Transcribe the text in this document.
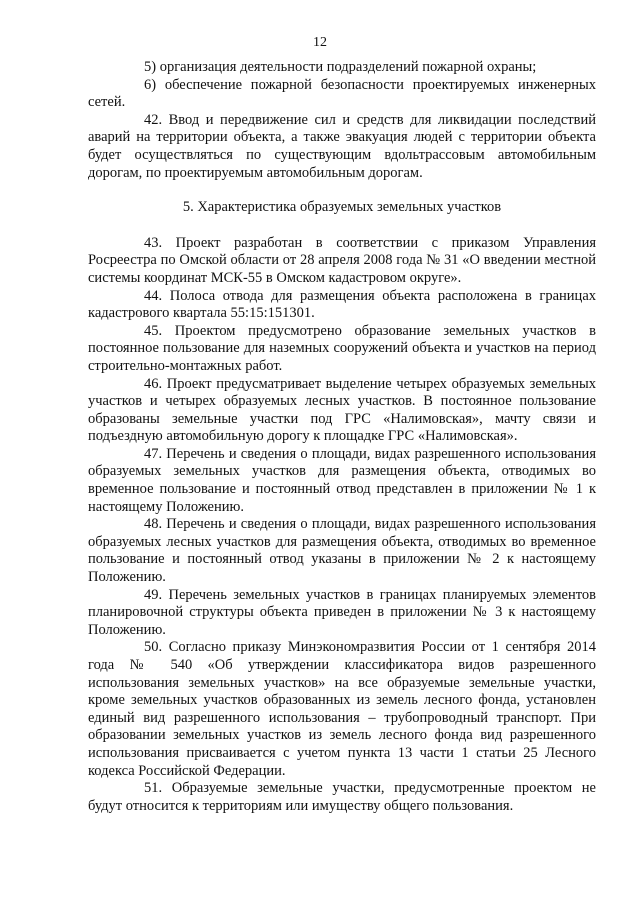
12

5) организация деятельности подразделений пожарной охраны;

6) обеспечение пожарной безопасности проектируемых инженерных сетей.

42. Ввод и передвижение сил и средств для ликвидации последствий аварий на территории объекта, а также эвакуация людей с территории объекта будет осуществляться по существующим вдольтрассовым автомобильным дорогам, по проектируемым автомобильным дорогам.

5. Характеристика образуемых земельных участков

43. Проект разработан в соответствии с приказом Управления Росреестра по Омской области от 28 апреля 2008 года № 31 «О введении местной системы координат МСК-55 в Омском кадастровом округе».

44. Полоса отвода для размещения объекта расположена в границах кадастрового квартала 55:15:151301.

45. Проектом предусмотрено образование земельных участков в постоянное пользование для наземных сооружений объекта и участков на период строительно-монтажных работ.

46. Проект предусматривает выделение четырех образуемых земельных участков и четырех образуемых лесных участков. В постоянное пользование образованы земельные участки под ГРС «Налимовская», мачту связи и подъездную автомобильную дорогу к площадке ГРС «Налимовская».

47. Перечень и сведения о площади, видах разрешенного использования образуемых земельных участков для размещения объекта, отводимых во временное пользование и постоянный отвод представлен в приложении № 1 к настоящему Положению.

48. Перечень и сведения о площади, видах разрешенного использования образуемых лесных участков для размещения объекта, отводимых во временное пользование и постоянный отвод указаны в приложении № 2 к настоящему Положению.

49. Перечень земельных участков в границах планируемых элементов планировочной структуры объекта приведен в приложении № 3 к настоящему Положению.

50. Согласно приказу Минэкономразвития России от 1 сентября 2014 года № 540 «Об утверждении классификатора видов разрешенного использования земельных участков» на все образуемые земельные участки, кроме земельных участков образованных из земель лесного фонда, установлен единый вид разрешенного использования – трубопроводный транспорт. При образовании земельных участков из земель лесного фонда вид разрешенного использования присваивается с учетом пункта 13 части 1 статьи 25 Лесного кодекса Российской Федерации.

51. Образуемые земельные участки, предусмотренные проектом не будут относится к территориям или имуществу общего пользования.
